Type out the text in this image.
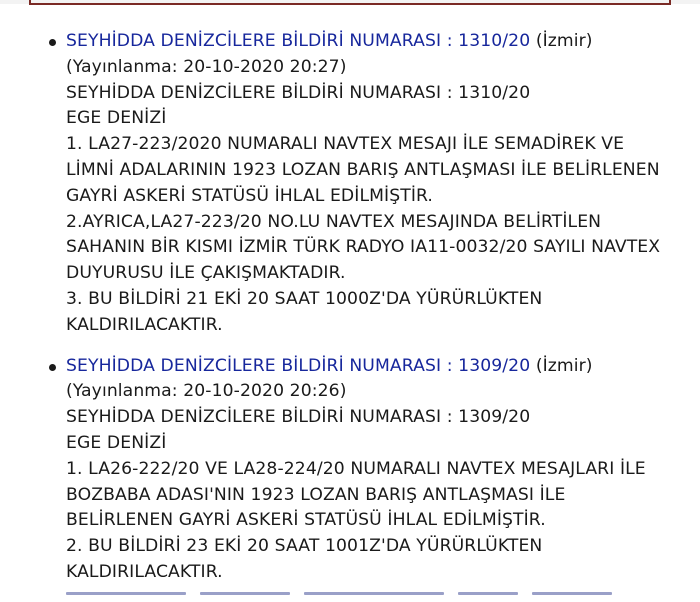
SEYHİDDA DENİZCİLERE BİLDİRİ NUMARASI : 1310/20 (İzmir)
(Yayınlanma: 20-10-2020 20:27)
SEYHİDDA DENİZCİLERE BİLDİRİ NUMARASI : 1310/20
EGE DENİZİ
1. LA27-223/2020 NUMARALI NAVTEX MESAJI İLE SEMADİREK VE
LİMNİ ADALARININ 1923 LOZAN BARIŞ ANTLAŞMASI İLE BELİRLENEN
GAYRİ ASKERİ STATÜSÜ İHLAL EDİLMİŞTİR.
2.AYRICA,LA27-223/20 NO.LU NAVTEX MESAJINDA BELİRTİLEN
SAHANIN BİR KISMI İZMİR TÜRK RADYO IA11-0032/20 SAYILI NAVTEX
DUYURUSU İLE ÇAKIŞMAKTADIR.
3. BU BİLDİRİ 21 EKİ 20 SAAT 1000Z'DA YÜRÜRLÜKTEN
KALDIRILACAKTIR.
SEYHİDDA DENİZCİLERE BİLDİRİ NUMARASI : 1309/20 (İzmir)
(Yayınlanma: 20-10-2020 20:26)
SEYHİDDA DENİZCİLERE BİLDİRİ NUMARASI : 1309/20
EGE DENİZİ
1. LA26-222/20 VE LA28-224/20 NUMARALI NAVTEX MESAJLARI İLE
BOZBABA ADASI'NIN 1923 LOZAN BARIŞ ANTLAŞMASI İLE
BELİRLENEN GAYRİ ASKERİ STATÜSÜ İHLAL EDİLMİŞTİR.
2. BU BİLDİRİ 23 EKİ 20 SAAT 1001Z'DA YÜRÜRLÜKTEN
KALDIRILACAKTIR.
